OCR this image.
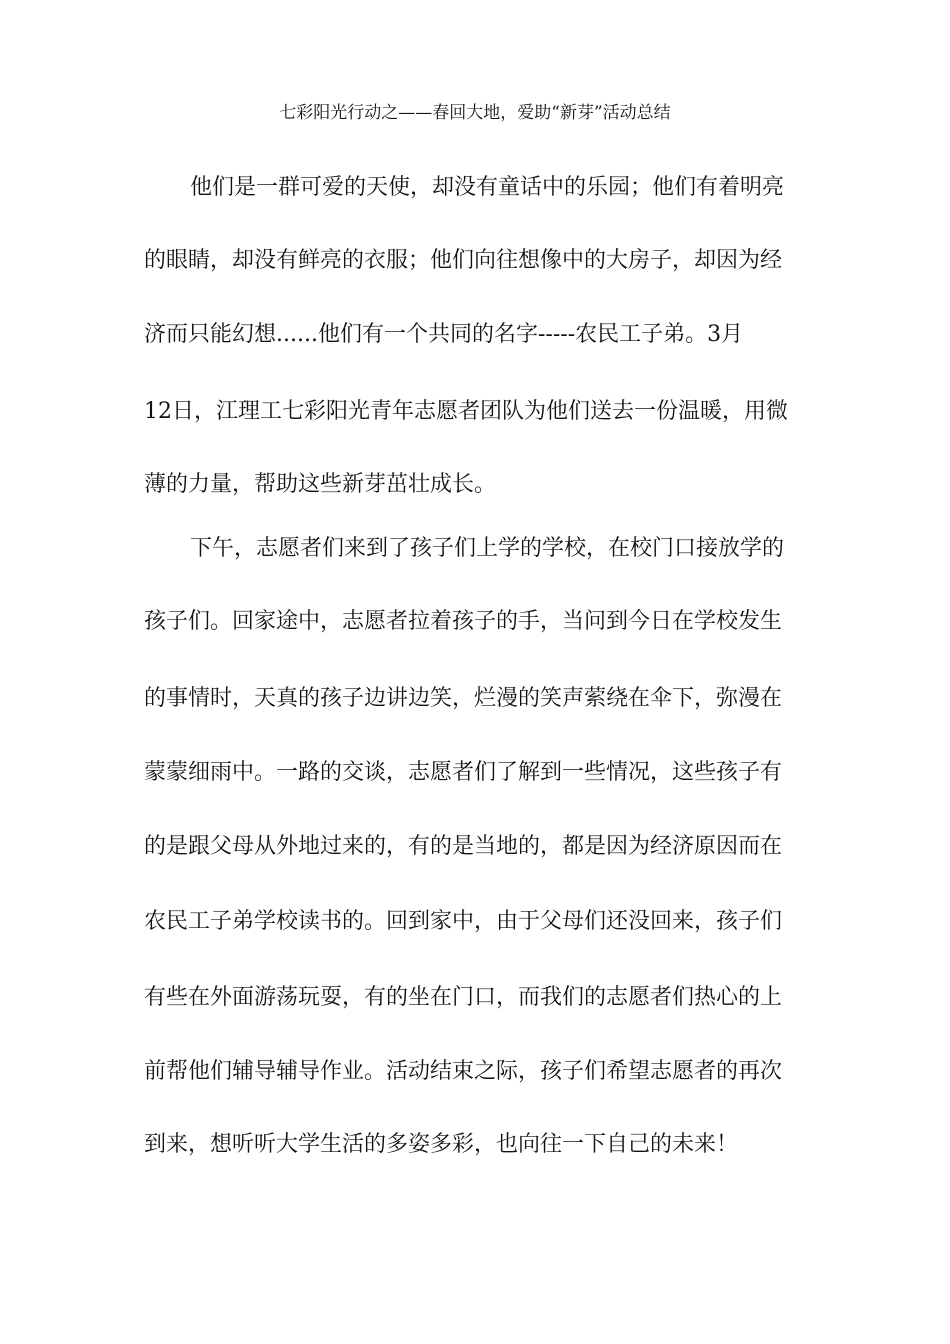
七彩阳光行动之——春回大地，爱助“新芽”活动总结
他们是一群可爱的天使，却没有童话中的乐园；他们有着明亮
的眼睛，却没有鲜亮的衣服；他们向往想像中的大房子，却因为经
济而只能幻想......他们有一个共同的名字-----农民工子弟。3月
12日，江理工七彩阳光青年志愿者团队为他们送去一份温暖，用微
薄的力量，帮助这些新芽茁壮成长。
下午，志愿者们来到了孩子们上学的学校，在校门口接放学的
孩子们。回家途中，志愿者拉着孩子的手，当问到今日在学校发生
的事情时，天真的孩子边讲边笑，烂漫的笑声萦绕在伞下，弥漫在
蒙蒙细雨中。一路的交谈，志愿者们了解到一些情况，这些孩子有
的是跟父母从外地过来的，有的是当地的，都是因为经济原因而在
农民工子弟学校读书的。回到家中，由于父母们还没回来，孩子们
有些在外面游荡玩耍，有的坐在门口，而我们的志愿者们热心的上
前帮他们辅导辅导作业。活动结束之际，孩子们希望志愿者的再次
到来，想听听大学生活的多姿多彩，也向往一下自己的未来！
